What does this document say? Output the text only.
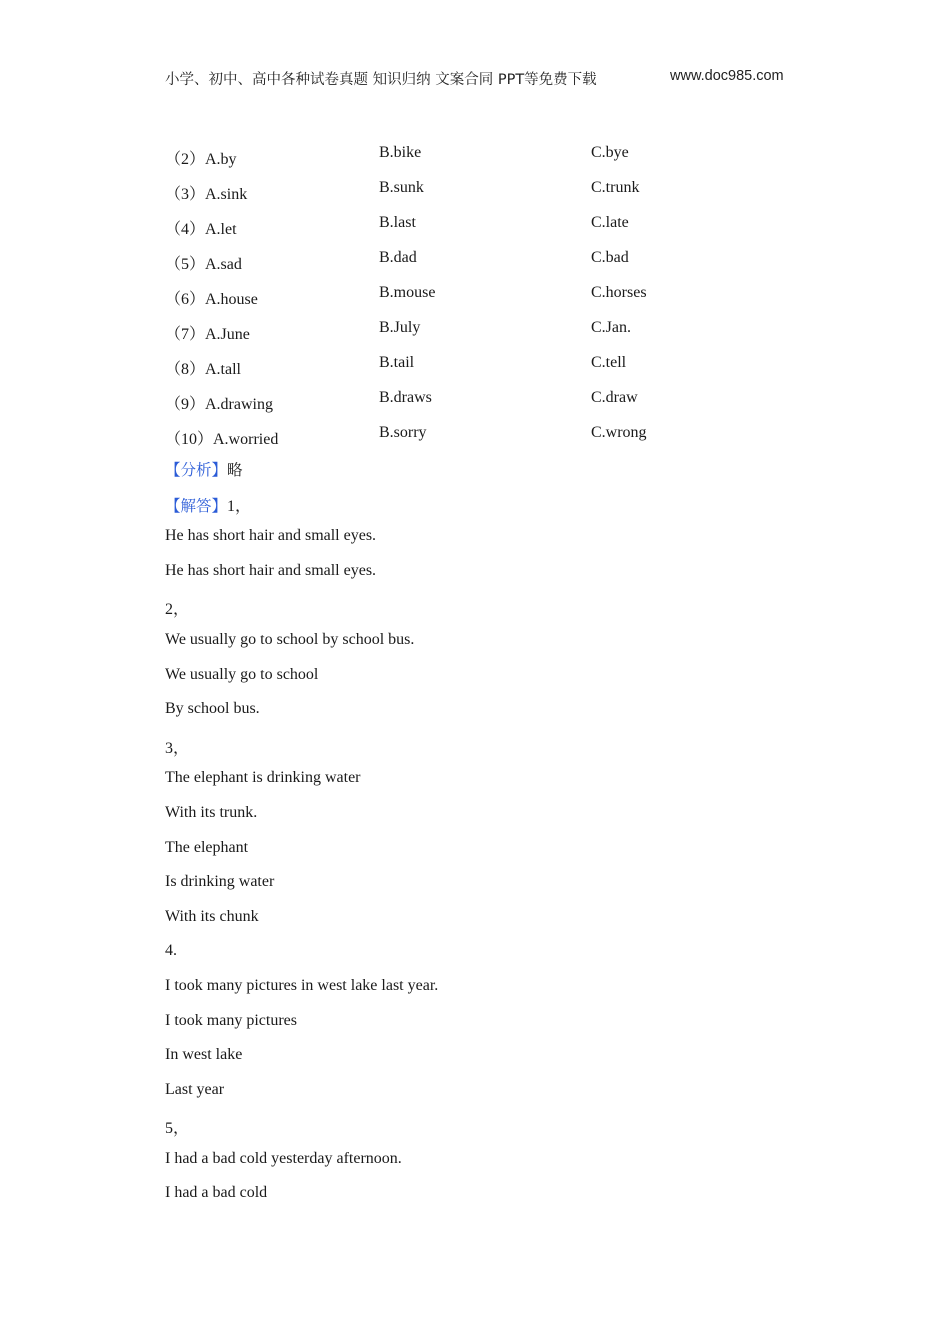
小学、初中、高中各种试卷真题 知识归纳 文案合同 PPT等免费下载	www.doc985.com
（2）A.by	B.bike	C.bye
（3）A.sink	B.sunk	C.trunk
（4）A.let	B.last	C.late
（5）A.sad	B.dad	C.bad
（6）A.house	B.mouse	C.horses
（7）A.June	B.July	C.Jan.
（8）A.tall	B.tail	C.tell
（9）A.drawing	B.draws	C.draw
（10）A.worried	B.sorry	C.wrong
【分析】略
【解答】1，
He has short hair and small eyes.
He has short hair and small eyes.
2，
We usually go to school by school bus.
We usually go to school
By school bus.
3，
The elephant is drinking water
With its trunk.
The elephant
Is drinking water
With its chunk
4.
I took many pictures in west lake last year.
I took many pictures
In west lake
Last year
5，
I had a bad cold yesterday afternoon.
I had a bad cold
